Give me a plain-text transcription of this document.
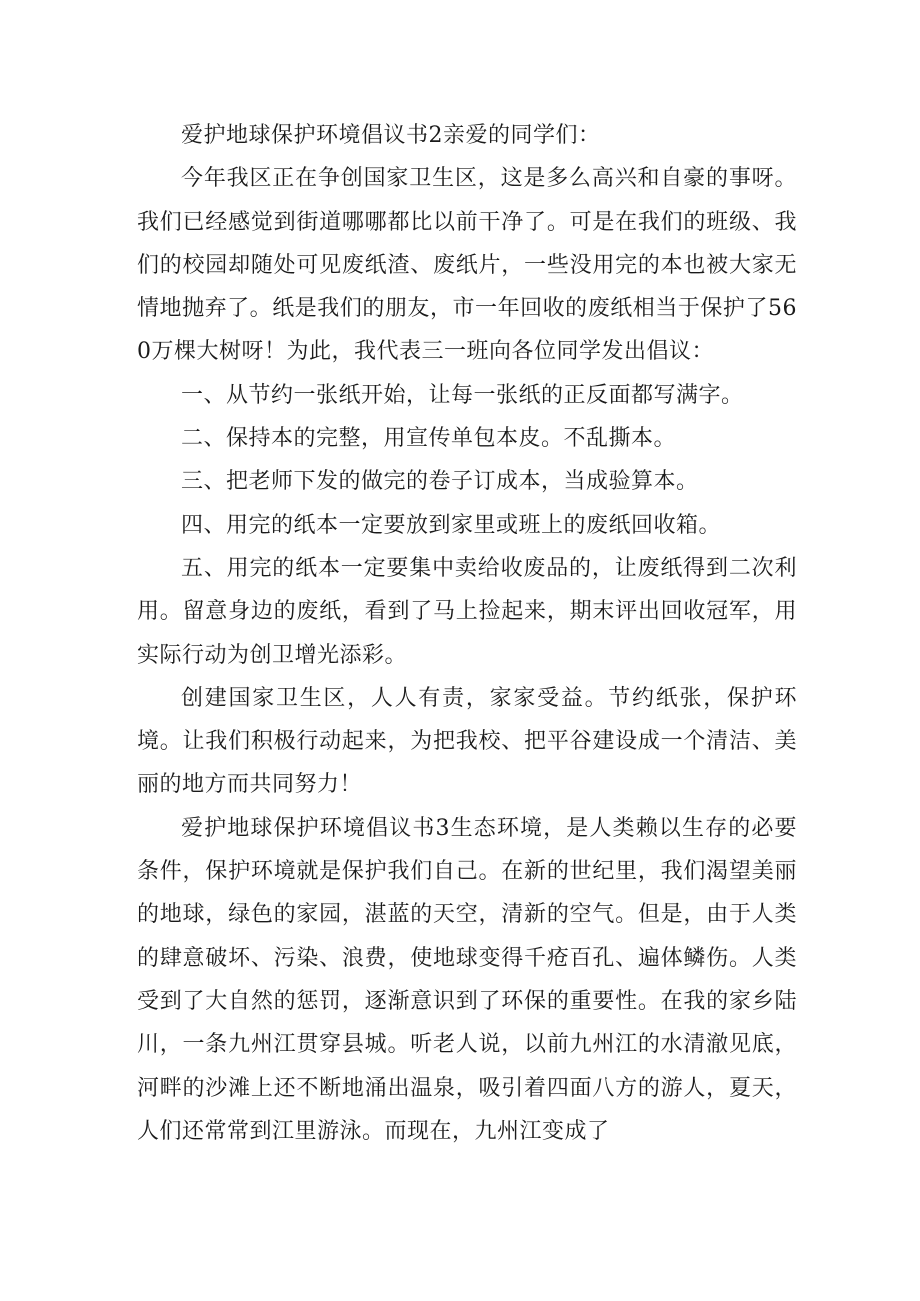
爱护地球保护环境倡议书2亲爱的同学们：

今年我区正在争创国家卫生区，这是多么高兴和自豪的事呀。我们已经感觉到街道哪哪都比以前干净了。可是在我们的班级、我们的校园却随处可见废纸渣、废纸片，一些没用完的本也被大家无情地抛弃了。纸是我们的朋友，市一年回收的废纸相当于保护了560万棵大树呀！为此，我代表三一班向各位同学发出倡议：

一、从节约一张纸开始，让每一张纸的正反面都写满字。

二、保持本的完整，用宣传单包本皮。不乱撕本。

三、把老师下发的做完的卷子订成本，当成验算本。

四、用完的纸本一定要放到家里或班上的废纸回收箱。

五、用完的纸本一定要集中卖给收废品的，让废纸得到二次利用。留意身边的废纸，看到了马上捡起来，期末评出回收冠军，用实际行动为创卫增光添彩。

创建国家卫生区，人人有责，家家受益。节约纸张，保护环境。让我们积极行动起来，为把我校、把平谷建设成一个清洁、美丽的地方而共同努力！

爱护地球保护环境倡议书3生态环境，是人类赖以生存的必要条件，保护环境就是保护我们自己。在新的世纪里，我们渴望美丽的地球，绿色的家园，湛蓝的天空，清新的空气。但是，由于人类的肆意破坏、污染、浪费，使地球变得千疮百孔、遍体鳞伤。人类受到了大自然的惩罚，逐渐意识到了环保的重要性。在我的家乡陆川，一条九州江贯穿县城。听老人说，以前九州江的水清澈见底，河畔的沙滩上还不断地涌出温泉，吸引着四面八方的游人，夏天，人们还常常到江里游泳。而现在，九州江变成了
